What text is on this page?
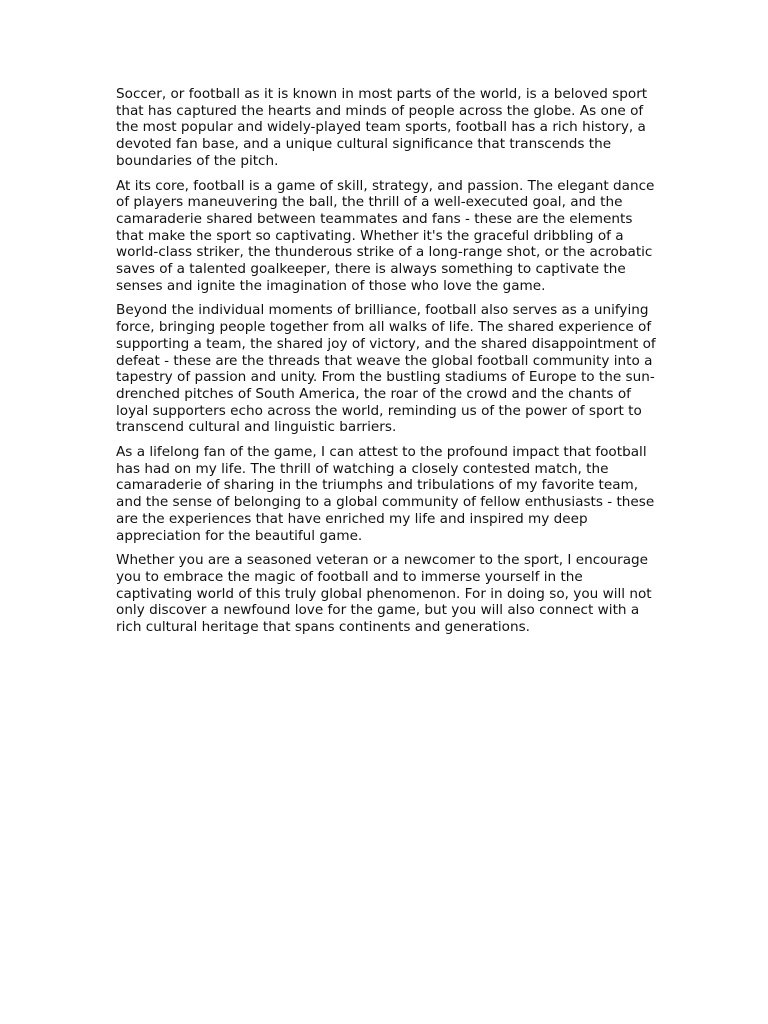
Soccer, or football as it is known in most parts of the world, is a beloved sport that has captured the hearts and minds of people across the globe. As one of the most popular and widely-played team sports, football has a rich history, a devoted fan base, and a unique cultural significance that transcends the boundaries of the pitch.

At its core, football is a game of skill, strategy, and passion. The elegant dance of players maneuvering the ball, the thrill of a well-executed goal, and the camaraderie shared between teammates and fans - these are the elements that make the sport so captivating. Whether it's the graceful dribbling of a world-class striker, the thunderous strike of a long-range shot, or the acrobatic saves of a talented goalkeeper, there is always something to captivate the senses and ignite the imagination of those who love the game.

Beyond the individual moments of brilliance, football also serves as a unifying force, bringing people together from all walks of life. The shared experience of supporting a team, the shared joy of victory, and the shared disappointment of defeat - these are the threads that weave the global football community into a tapestry of passion and unity. From the bustling stadiums of Europe to the sun-drenched pitches of South America, the roar of the crowd and the chants of loyal supporters echo across the world, reminding us of the power of sport to transcend cultural and linguistic barriers.

As a lifelong fan of the game, I can attest to the profound impact that football has had on my life. The thrill of watching a closely contested match, the camaraderie of sharing in the triumphs and tribulations of my favorite team, and the sense of belonging to a global community of fellow enthusiasts - these are the experiences that have enriched my life and inspired my deep appreciation for the beautiful game.

Whether you are a seasoned veteran or a newcomer to the sport, I encourage you to embrace the magic of football and to immerse yourself in the captivating world of this truly global phenomenon. For in doing so, you will not only discover a newfound love for the game, but you will also connect with a rich cultural heritage that spans continents and generations.
